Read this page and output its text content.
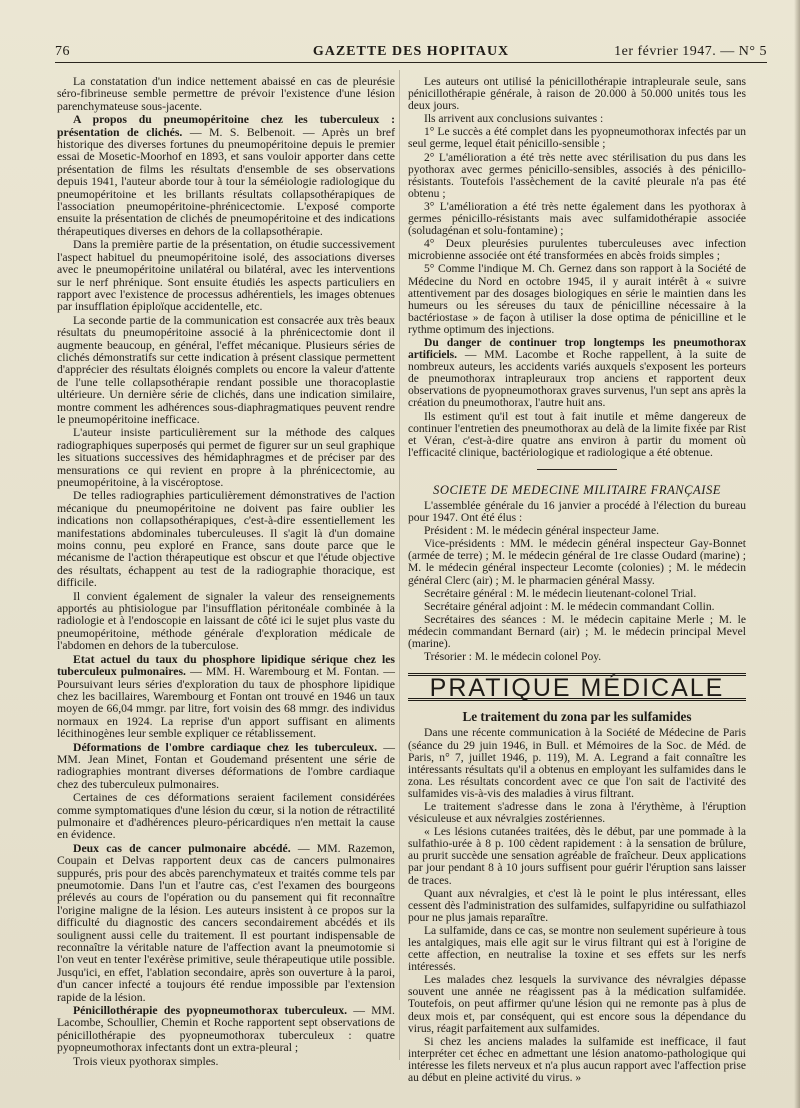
76	GAZETTE DES HOPITAUX	1er février 1947. — N° 5

La constatation d'un indice nettement abaissé en cas de pleurésie séro-fibrineuse semble permettre de prévoir l'existence d'une lésion parenchymateuse sous-jacente.

A propos du pneumopéritoine chez les tuberculeux : présentation de clichés. — M. S. Belbenoit. — Après un bref historique des diverses fortunes du pneumopéritoine depuis le premier essai de Mosetic-Moorhof en 1893, et sans vouloir apporter dans cette présentation de films les résultats d'ensemble de ses observations depuis 1941, l'auteur aborde tour à tour la séméiologie radiologique du pneumopéritoine et les brillants résultats collapsothérapiques de l'association pneumopéritoine-phrénicectomie. L'exposé comporte ensuite la présentation de clichés de pneumopéritoine et des indications thérapeutiques diverses en dehors de la collapsothérapie.

Dans la première partie de la présentation, on étudie successivement l'aspect habituel du pneumopéritoine isolé, des associations diverses avec le pneumopéritoine unilatéral ou bilatéral, avec les interventions sur le nerf phrénique. Sont ensuite étudiés les aspects particuliers en rapport avec l'existence de processus adhérentiels, les images obtenues par insufflation épiploïque accidentelle, etc.

La seconde partie de la communication est consacrée aux très beaux résultats du pneumopéritoine associé à la phrénicectomie dont il augmente beaucoup, en général, l'effet mécanique. Plusieurs séries de clichés démonstratifs sur cette indication à présent classique permettent d'apprécier des résultats éloignés complets ou encore la valeur d'attente de l'une telle collapsothérapie rendant possible une thoracoplastie ultérieure. Un dernière série de clichés, dans une indication similaire, montre comment les adhérences sous-diaphragmatiques peuvent rendre le pneumopéritoine inefficace.

L'auteur insiste particulièrement sur la méthode des calques radiographiques superposés qui permet de figurer sur un seul graphique les situations successives des hémidaphragmes et de préciser par des mensurations ce qui revient en propre à la phrénicectomie, au pneumopéritoine, à la viscéroptose.

De telles radiographies particulièrement démonstratives de l'action mécanique du pneumopéritoine ne doivent pas faire oublier les indications non collapsothérapiques, c'est-à-dire essentiellement les manifestations abdominales tuberculeuses. Il s'agit là d'un domaine moins connu, peu exploré en France, sans doute parce que le mécanisme de l'action thérapeutique est obscur et que l'étude objective des résultats, échappent au test de la radiographie thoracique, est difficile.

Il convient également de signaler la valeur des renseignements apportés au phtisiologue par l'insufflation péritonéale combinée à la radiologie et à l'endoscopie en laissant de côté ici le sujet plus vaste du pneumopéritoine, méthode générale d'exploration médicale de l'abdomen en dehors de la tuberculose.

Etat actuel du taux du phosphore lipidique sérique chez les tuberculeux pulmonaires. — MM. H. Warembourg et M. Fontan. — Poursuivant leurs séries d'exploration du taux de phosphore lipidique chez les bacillaires, Warembourg et Fontan ont trouvé en 1946 un taux moyen de 66,04 mmgr. par litre, fort voisin des 68 mmgr. des individus normaux en 1924. La reprise d'un apport suffisant en aliments lécithinogènes leur semble expliquer ce rétablissement.

Déformations de l'ombre cardiaque chez les tuberculeux. —MM. Jean Minet, Fontan et Goudemand présentent une série de radiographies montrant diverses déformations de l'ombre cardiaque chez des tuberculeux pulmonaires.

Certaines de ces déformations seraient facilement considérées comme symptomatiques d'une lésion du cœur, si la notion de rétractilité pulmonaire et d'adhérences pleuro-péricardiques n'en mettait la cause en évidence.

Deux cas de cancer pulmonaire abcédé. — MM. Razemon, Coupain et Delvas rapportent deux cas de cancers pulmonaires suppurés, pris pour des abcès parenchymateux et traités comme tels par pneumotomie. Dans l'un et l'autre cas, c'est l'examen des bourgeons prélevés au cours de l'opération ou du pansement qui fit reconnaître l'origine maligne de la lésion. Les auteurs insistent à ce propos sur la difficulté du diagnostic des cancers secondairement abcédés et ils soulignent aussi celle du traitement. Il est pourtant indispensable de reconnaître la véritable nature de l'affection avant la pneumotomie si l'on veut en tenter l'exérèse primitive, seule thérapeutique utile possible. Jusqu'ici, en effet, l'ablation secondaire, après son ouverture à la paroi, d'un cancer infecté a toujours été rendue impossible par l'extension rapide de la lésion.

Pénicillothérapie des pyopneumothorax tuberculeux. — MM. Lacombe, Schoullier, Chemin et Roche rapportent sept observations de pénicillothérapie des pyopneumothorax tuberculeux : quatre pyopneumothorax infectants dont un extra-pleural ;

Trois vieux pyothorax simples.

Les auteurs ont utilisé la pénicillothérapie intrapleurale seule, sans pénicillothérapie générale, à raison de 20.000 à 50.000 unités tous les deux jours.

Ils arrivent aux conclusions suivantes :

1° Le succès a été complet dans les pyopneumothorax infectés par un seul germe, lequel était pénicillo-sensible ;

2° L'amélioration a été très nette avec stérilisation du pus dans les pyothorax avec germes pénicillo-sensibles, associés à des pénicillo-résistants. Toutefois l'assèchement de la cavité pleurale n'a pas été obtenu ;

3° L'amélioration a été très nette également dans les pyothorax à germes pénicillo-résistants mais avec sulfamidothérapie associée (soludagénan et solu-fontamine) ;

4° Deux pleurésies purulentes tuberculeuses avec infection microbienne associée ont été transformées en abcès froids simples ;

5° Comme l'indique M. Ch. Gernez dans son rapport à la Société de Médecine du Nord en octobre 1945, il y aurait intérêt à « suivre attentivement par des dosages biologiques en série le maintien dans les humeurs ou les séreuses du taux de pénicilline nécessaire à la bactériostase » de façon à utiliser la dose optima de pénicilline et le rythme optimum des injections.

Du danger de continuer trop longtemps les pneumothorax artificiels. — MM. Lacombe et Roche rappellent, à la suite de nombreux auteurs, les accidents variés auxquels s'exposent les porteurs de pneumothorax intrapleuraux trop anciens et rapportent deux observations de pyopneumothorax graves survenus, l'un sept ans après la création du pneumothorax, l'autre huit ans.

Ils estiment qu'il est tout à fait inutile et même dangereux de continuer l'entretien des pneumothorax au delà de la limite fixée par Rist et Véran, c'est-à-dire quatre ans environ à partir du moment où l'efficacité clinique, bactériologique et radiologique a été obtenue.

SOCIETE DE MEDECINE MILITAIRE FRANÇAISE

L'assemblée générale du 16 janvier a procédé à l'élection du bureau pour 1947. Ont été élus :

Président : M. le médecin général inspecteur Jame.

Vice-présidents : MM. le médecin général inspecteur Gay-Bonnet (armée de terre) ; M. le médecin général de 1re classe Oudard (marine) ; M. le médecin général inspecteur Lecomte (colonies) ; M. le médecin général Clerc (air) ; M. le pharmacien général Massy.

Secrétaire général : M. le médecin lieutenant-colonel Trial.

Secrétaire général adjoint : M. le médecin commandant Collin.

Secrétaires des séances : M. le médecin capitaine Merle ; M. le médecin commandant Bernard (air) ; M. le médecin principal Mevel (marine).

Trésorier : M. le médecin colonel Poy.

PRATIQUE MÉDICALE
Le traitement du zona par les sulfamides

Dans une récente communication à la Société de Médecine de Paris (séance du 29 juin 1946, in Bull. et Mémoires de la Soc. de Méd. de Paris, n° 7, juillet 1946, p. 119), M. A. Legrand a fait connaître les intéressants résultats qu'il a obtenus en employant les sulfamides dans le zona. Les résultats concordent avec ce que l'on sait de l'activité des sulfamides vis-à-vis des maladies à virus filtrant.

Le traitement s'adresse dans le zona à l'érythème, à l'éruption vésiculeuse et aux névralgies zostériennes.

« Les lésions cutanées traitées, dès le début, par une pommade à la sulfathio-urée à 8 p. 100 cèdent rapidement : à la sensation de brûlure, au prurit succède une sensation agréable de fraîcheur. Deux applications par jour pendant 8 à 10 jours suffisent pour guérir l'éruption sans laisser de traces.

Quant aux névralgies, et c'est là le point le plus intéressant, elles cessent dès l'administration des sulfamides, sulfapyridine ou sulfathiazol pour ne plus jamais reparaître.

La sulfamide, dans ce cas, se montre non seulement supérieure à tous les antalgiques, mais elle agit sur le virus filtrant qui est à l'origine de cette affection, en neutralise la toxine et ses effets sur les nerfs intéressés.

Les malades chez lesquels la survivance des névralgies dépasse souvent une année ne réagissent pas à la médication sulfamidée. Toutefois, on peut affirmer qu'une lésion qui ne remonte pas à plus de deux mois et, par conséquent, qui est encore sous la dépendance du virus, réagit parfaitement aux sulfamides.

Si chez les anciens malades la sulfamide est inefficace, il faut interpréter cet échec en admettant une lésion anatomo-pathologique qui intéresse les filets nerveux et n'a plus aucun rapport avec l'affection prise au début en pleine activité du virus. »
